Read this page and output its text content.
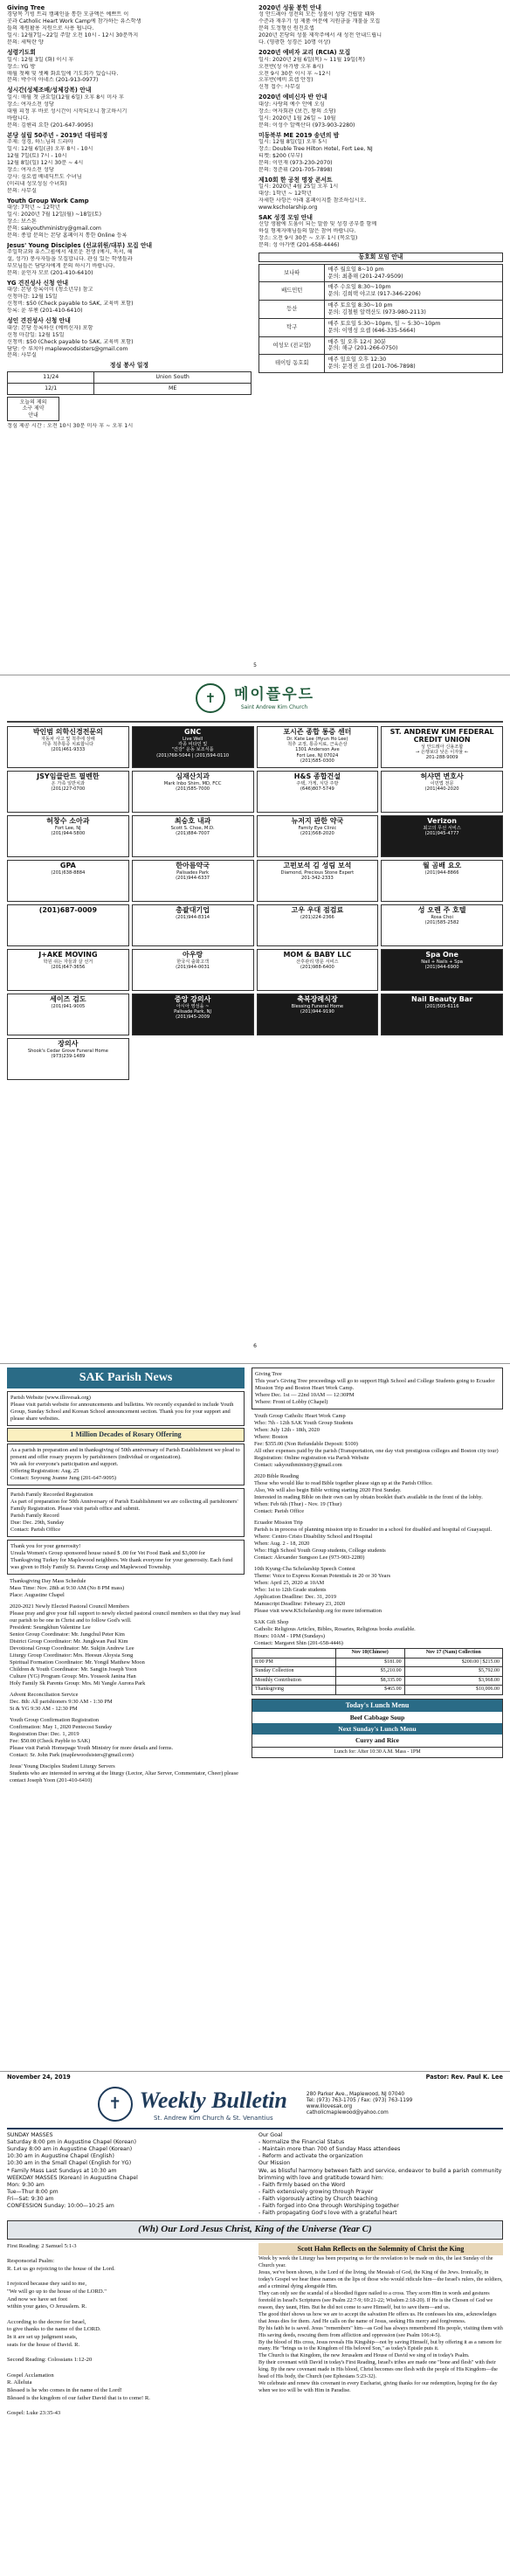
Giving Tree
경당목 기빙 트리 캠페인을 통한 모금액은 예쁘트 이
곳과 Catholic Heart Work Camp에 참가하는 유스학생
들의 재원활용 지원으로 사용 됩니다.
일시: 12월7일~22일 주말 오전 10시 - 12시 30분까지
문의: 세틱란 양
성령기도회
일시: 12월 3일 (화) 이시 후
장소: YG 방
매월 첫째 및 셋째 화요일에 기도회가 있습니다.
문의: 박수미 아네스 (201-913-0977)
성시간(성체조배/성체강복) 안내
일시: 매월 첫 금요일(12월 6일) 오후 8시 미사 후
장소: 여자소전 성당
대림 피정 후 바로 성시간이 시작되오니 참고하시기
바랍니다.
문의: 김헨리 요한 (201-647-9095)
본당 설립 50주년 - 2019년 대림피정
주제: 성경, 하느님의 드라마
일시: 12월 6일(금) 오후 8시 - 10시
12월 7일(토) 7시 - 10시
12월 8일(일) 12시 30분 ~ 4시
장소: 여자소전 성당
강사: 심요셉 베네딕트도 수녀님
(미리내 성모성심 수녀회)
문의: 사무실
Youth Group Work Camp
대상: 7학년 ~ 12학년
일시: 2020년 7월 12일(월) ~18일(토)
장소: 보스톤
문의: sakyouthministry@gmail.com
문의: 종합 문의는 본당 홈페이지 통한 Online 등록
Jesus' Young Disciples (선교위원/대부) 모집 안내
주일학교와 유스그룹에서 새로운 천생 (예시, 독서, 해
설, 성가) 봉사자들을 모집합니다. 관심 있는 학생들과
부모님들은 담당자에게 문의 하시기 바랍니다.
문의: 윤인자 모로 (201-410-6410)
YG 견진성사 신청 안내
대상: 본당 등록이미 (청소년부) 참고
신청마감: 12월 15일
신청비: $50 (Check payable to SAK, 교육비 포함)
등록: 윤 루첸 (201-410-6410)
성인 견진성사 신청 안내
대상: 본당 등록하신 (예비신자) 포함
신청 마감일: 12월 15일
신청비: $50 (Check payable to SAK, 교육비 포함)
담당: 수 루치아 maplewoodsisters@gmail.com
문의: 사무실
정심 봉사 일정
11/24	Union South
12/1	ME
오늘의 제의
소구 제약
안내
정심 제공 시간 : 오전 10시 30분 미사 후 ~ 오후 1시
2020년 성물 봉헌 안내
성 안드레아 성전의 모든 성물이 성당 건립할 때와
수준과 재우기 성 제품 여분에 지원금을 개물을 모집
문의 도정형신 원진요셉
2020년 본당의 성물 제작주에서 새 성전 안내드립니
다. (영광한 성경은 10명 이상)
2020년 예비자 교리 (RCIA) 모집
일시: 2020년 2월 6일(목) ~ 11월 19일(목)
오전반(성 아가방 오후 8시)
오전 9시 30분 이시 후 ~12시
오후반(예비 요셉 안정)
신청 접수: 사무실
2020년 예비신자 반 안내
대상: 사랑의 예수 안에 오심
장소: 여자회관 (보건, 왕의 소당)
일시: 2020년 1월 26일 ~ 10월
문의: 이성수 알렉산더 (973-903-2280)
미동북부 ME 2019 송년의 밤
일시: 12월 8일(일) 오후 5시
장소: Double Tree Hilton Hotel, Fort Lee, NJ
티켓: $200 (부부)
문의: 이민재 (973-230-2070)
문의: 정준휘 (201-705-7898)
제10회 한 공천 명장 콘서트
일시: 2020년 4월 25일 오후 1시
대상: 1학년 ~ 12학년
자세한 사항은 아래 홈페이지를 참조하십시오.
www.kscholarship.org
SAK 성경 모임 안내
신앙 생활에 도움이 되는 말씀 및 성경 공부를 함께
하실 형제자매님들의 많은 참여 바랍니다.
장소: 오전 9시 30분 ~ 오후 1시 (목요일)
문의: 성 아가엔 (201-658-4446)
동호회 모임 안내
보나따	매주 월요일 8~10 pm
문의: 최충해 (201-247-9509)

배드민턴	매주 수요일 8:30~10pm
문의: 김희택 야고보 (917-346-2206)

등산	매주 토요일 8:30~10 pm
문의: 김철원 알렉산도 (973-980-2113)

탁구	매주 토요일 5:30~10pm, 일 ~ 5:30~10pm
문의: 이명성 요셉 (646-335-5664)

여성모 (전교협)	매주 일 오후 12시 30분
문의: 해규 (201-266-0750)

테이팅 동호회	매주 일요일 오후 12:30
문의: 문경진 요셉 (201-706-7898)
5
✝	메이플우드
Saint Andrew Kim Church
박인범 의학신경전문의
자동차 사고 및 척추에 상해
각종 척추통증 치료합니다
(201)461-9333
GNC
Live Well
각종 비타민 및
"건강" 운동 보조식품
(201)768-5044 | (201)594-0110
포시즌 종합 통증 센터
Dr. Kate Lee (Hyun Ho Lee)
척추 교정, 통증치료, 근육손상
1301 Anderson Ave
Fort Lee, NJ 07024
(201)585-0300
ST. ANDREW KIM FEDERAL CREDIT UNION
성 안드레아 신용조합
→ 은행보다 낮은 이자율 ←
201-288-9009
JSY임클란트 필벤한
온 가족 일반치과
(201)227-0700
심재산치과
Mark Inbo Shim, MD, FCC
(201)585-7000
H&S 종합건설
주택, 가게, 식당 주방
(646)807-5749
허샤면 변호사
이민법 전문
(201)440-2020
허창수 소아과
Fort Lee, NJ
(201)944-5800
최승호 내과
Scott S. Choe, M.D.
(201)884-7007
뉴저지 관한 약국
Family Eye Clinic
(201)568-2020
Verizon
최고의 무선 서비스
(201)945-4777
GPA
(201)638-8884
한아름약국
Palisades Park
(201)944-6337
고펀보석 김 성림 보석
Diamond, Precious Stone Expert
201-342-2333
월 곰배 요오
(201)944-8866
(201)687-0009	총괄대기업
(201)944-8314
고우 우대 점검료
(201)224-2366
성 오렌 주 호텔
Rosa Choi
(201)585-2582
J+AKE MOVING
학원 쉬는 자들과 살 선거
(201)647-3656
아우랑
한국식 출화고객
(201)944-0031
MOM & BABY LLC
산후관리 방문 서비스
(201)988-6400
Spa One
Nail + Nails + Spa
(201)944-6900
세이즈 검도
(201)941-9005
중앙 강의사
아시아 영성을 ~
Palisade Park, NJ
(201)945-2009
축복장례식장
Blessing Funeral Home
(201)944-9190
Nail Beauty Bar
(201)505-6116
장의사
Shook's Cedar Grove Funeral Home
(973)239-1489
6
SAK Parish News
Parish Website (www.illovesak.org)
Please visit parish website for announcements and bulletins. We recently expanded to include Youth Group, Sunday School and Korean School announcement section. Thank you for your support and please share websites.
1 Million Decades of Rosary Offering
As a parish in preparation and in thanksgiving of 50th anniversary of Parish Establishment we plead to present and offer rosary prayers by parishioners (individual or organization).
We ask for everyone's participation and support.
Offering Registration: Aug. 25
Contact: Soyoung Joanne Jung (201-647-9095)
Parish Family Recorded Registration
As part of preparation for 50th Anniversary of Parish Establishment we are collecting all parishioners'
Family Registration. Please visit parish office and submit.
Parish Family Record
Due: Dec. 29th, Sunday
Contact: Parish Office
Thank you for your generosity!
Ursula Women's Group sponsored house raised $ .00 for Vet Food Bank and $3,000 for
Thanksgiving Turkey for Maplewood neighbors. We thank everyone for your generosity. Each fund was given to Holy Family St. Parents Group and Maplewood Township.
Thanksgiving Day Mass Schedule
Mass Time: Nov. 28th at 9:30 AM (No 8 PM mass)
Place: Augustine Chapel
2020-2021 Newly Elected Pastoral Council Members
Please pray and give your full support to newly elected pastoral council members so that they may lead our parish to be one in Christ and to follow God's will.
President: Seungkhun Valentine Lee
Senior Group Coordinator: Mr. Jungchul Peter Kim
District Group Coordinator: Mr. Jungkwan Paul Kim
Devotional Group Coordinator: Mr. Sukjin Andrew Lee
Liturgy Group Coordinator: Mrs. Heesun Aloysia Song
Spiritual Formation Coordinator: Mr. Yongil Matthew Moon
Children & Youth Coordinator: Mr. Sangjin Joseph Yoon
Culture (YG) Program Group: Mrs. Youseok Janina Han
Holy Family Sk Parents Group: Mrs. Mi Yangle Aurora Park
Advent Reconciliation Service
Dec. 8th: All parishioners 9:30 AM - 1:30 PM
St & YG 9:30 AM - 12:30 PM
Youth Group Confirmation Registration
Confirmation: May 1, 2020 Pentecost Sunday
Registration Due: Dec. 1, 2019
Fee: $50.00 (Check Payble to SAK)
Please visit Parish Homepage Youth Ministry for more details and forms.
Contact: Sr. John Park (maplewoodsisters@gmail.com)
Jesus' Young Disciples Student Liturgy Servers
Students who are interested in serving at the liturgy (Lector, Altar Server, Commentator, Cheer) please contact Joseph Yoon (201-410-6410)
Giving Tree
This year's Giving Tree proceedings will go to support High School and College Students going to Ecuador Mission Trip and Boston Heart Work Camp.
Where Dec. 1st — 22nd 10AM — 12:30PM
Where: Front of Lobby (Chapel)
Youth Group Catholic Heart Work Camp
Who: 7th - 12th SAK Youth Group Students
When: July 12th - 18th, 2020
Where: Boston
Fee: $355.00 (Non Refundable Deposit: $100)
All other expenses paid by the parish (Transportation, one day visit prestigious colleges and Boston city tour)
Registration: Online registration via Parish Website
Contact: sakyouthministry@gmail.com
2020 Bible Reading
Those who would like to read Bible together please sign up at the Parish Office.
Also, We will also begin Bible writing starting 2020 First Sunday.
Interested in reading Bible on their own can by obtain booklet that's available in the front of the lobby.
When: Feb 6th (Thur) - Nov. 19 (Thur)
Contact: Parish Office
Ecuador Mission Trip
Parish is in process of planning mission trip to Ecuador in a school for disabled and hospital of Guayaquil.
Where: Centro Cristo Disability School and Hospital
When: Aug. 2 - 18, 2020
Who: High School Youth Group students, College students
Contact: Alexander Sungsoo Lee (973-903-2280)
10th Kyung-Cha Scholarship Speech Contest
Theme: Voice to Express Korean Potentials in 20 or 30 Years
When: April 25, 2020 at 10AM
Who: 1st to 12th Grade students
Application Deadline: Dec. 31, 2019
Manuscript Deadline: February 23, 2020
Please visit www.KScholarship.org for more information
SAK Gift Shop
Catholic Religious Articles, Bibles, Rosaries, Religious books available.
Hours: 10AM - 1PM (Sundays)
Contact: Margaret Shin (201-658-4446)
	Nov 10(Chinese)	Nov 17 (Nam) Collection
8:00 PM	$181.00	$200.00 | $215.00
Sunday Collection	$5,210.00	$5,792.00
Monthly Contribution	$8,335.00	$3,968.00
Thanksgiving	$465.00	$10,006.00
Today's Lunch Menu
Beef Cabbage Soup
Next Sunday's Lunch Menu
Curry and Rice
Lunch for: After 10:30 A.M. Mass - 1PM
November 24, 2019	Pastor: Rev. Paul K. Lee
✝ Weekly Bulletin
St. Andrew Kim Church & St. Venantius
280 Parker Ave., Maplewood, NJ 07040
Tel: (973) 763-1705 / Fax: (973) 763-1199
www.illovesak.org
catholicmaplewood@yahoo.com
SUNDAY MASSES
Saturday 8:00 pm in Augustine Chapel (Korean)
Sunday 8:00 am in Augustine Chapel (Korean)
10:30 am in Augustine Chapel (English)
10:30 am in the Small Chapel (English for YG)
* Family Mass Last Sundays at 10:30 am
WEEKDAY MASSES (Korean) in Augustine Chapel
Mon: 9:30 am
Tue—Thur 8:00 pm
Fri—Sat: 9:30 am
CONFESSION Sunday: 10:00—10:25 am
Our Goal
- Normalize the Financial Status
- Maintain more than 700 of Sunday Mass attendees
- Reform and activate the organization
Our Mission
We, as blissful harmony between faith and service, endeavor to build a parish community brimming with love and gratitude toward him:
- Faith firmly based on the Word
- Faith extensively growing through Prayer
- Faith vigorously acting by Church teaching
- Faith forged into One through Worshiping together
- Faith propagating God's love with a grateful heart
(Wh) Our Lord Jesus Christ, King of the Universe (Year C)
First Reading: 2 Samuel 5:1-3

Responsorial Psalm:
R. Let us go rejoicing to the house of the Lord.

I rejoiced because they said to me,
"We will go up to the house of the LORD."
And now we have set foot
within your gates, O Jerusalem. R.

According to the decree for Israel,
to give thanks to the name of the LORD.
In it are set up judgment seats,
seats for the house of David. R.

Second Reading: Colossians 1:12-20

Gospel Acclamation
R. Alleluia
Blessed is he who comes in the name of the Lord!
Blessed is the kingdom of our father David that is to come! R.

Gospel: Luke 23:35-43
Scott Hahn Reflects on the Solemnity of Christ the King
Week by week the Liturgy has been preparing us for the revelation to be made on this, the last Sunday of the Church year.
Jesus, we've been shown, is the Lord of the living, the Messiah of God, the King of the Jews. Ironically, in today's Gospel we hear these names on the lips of those who would ridicule him—the Israel's rulers, the soldiers, and a criminal dying alongside Him.
They can only see the scandal of a bloodied figure nailed to a cross. They scorn Him in words and gestures foretold in Israel's Scriptures (see Psalm 22:7-9; 69:21-22; Wisdom 2:18-20). If He is the Chosen of God we reason, they taunt, Him. But he did not come to save Himself, but to save them—and us.
The good thief shows us how we are to accept the salvation He offers us. He confesses his sins, acknowledges that Jesus dies for them. And He calls on the name of Jesus, seeking His mercy and forgiveness.
By his faith he is saved. Jesus "remembers" him—as God has always remembered His people, visiting them with His saving deeds, rescuing them from affliction and oppression (see Psalm 106:4-5).
By the blood of His cross, Jesus reveals His Kingship—not by saving Himself, but by offering it as a ransom for many. He "brings us to the Kingdom of His beloved Son," as today's Epistle puts it.
The Church is that Kingdom, the new Jerusalem and House of David we sing of in today's Psalm.
By their covenant with David in today's First Reading, Israel's tribes are made one "bone and flesh" with their king. By the new covenant made in His blood, Christ becomes one flesh with the people of His Kingdom—the head of His body, the Church (see Ephesians 5:23-32).
We celebrate and renew this covenant in every Eucharist, giving thanks for our redemption, hoping for the day when we too will be with Him in Paradise.
